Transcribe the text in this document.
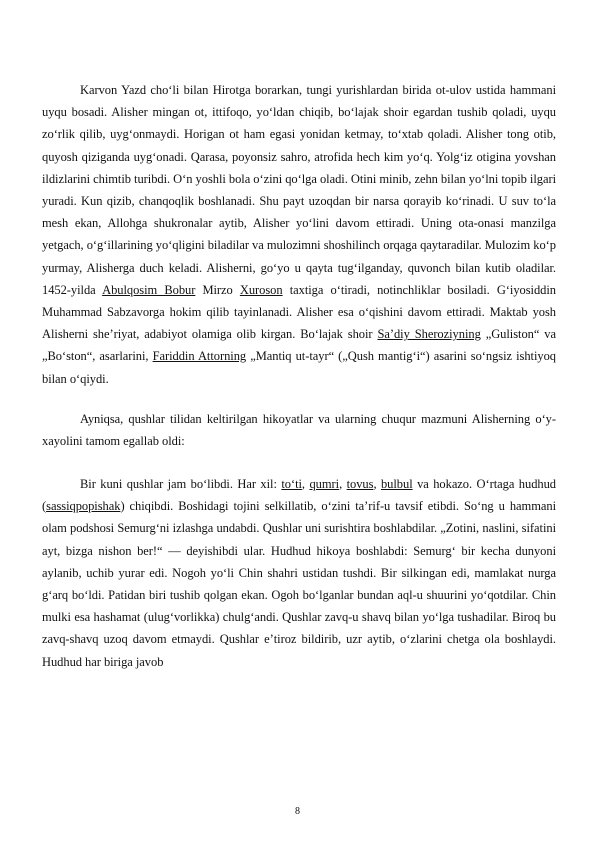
Karvon Yazd choʻli bilan Hirotga borarkan, tungi yurishlardan birida ot-ulov ustida hammani uyqu bosadi. Alisher mingan ot, ittifoqo, yoʻldan chiqib, boʻlajak shoir egardan tushib qoladi, uyqu zoʻrlik qilib, uygʻonmaydi. Horigan ot ham egasi yonidan ketmay, toʻxtab qoladi. Alisher tong otib, quyosh qiziganda uygʻonadi. Qarasa, poyonsiz sahro, atrofida hech kim yoʻq. Yolgʻiz otigina yovshan ildizlarini chimtib turibdi. Oʻn yoshli bola oʻzini qoʻlga oladi. Otini minib, zehn bilan yoʻlni topib ilgari yuradi. Kun qizib, chanqoqlik boshlanadi. Shu payt uzoqdan bir narsa qorayib koʻrinadi. U suv toʻla mesh ekan, Allohga shukronalar aytib, Alisher yoʻlini davom ettiradi. Uning ota-onasi manzilga yetgach, oʻgʻillarining yoʻqligini biladilar va mulozimni shoshilinch orqaga qaytaradilar. Mulozim koʻp yurmay, Alisherga duch keladi. Alisherni, goʻyo u qayta tugʻilganday, quvonch bilan kutib oladilar. 1452-yilda Abulqosim Bobur Mirzo Xuroson taxtiga oʻtiradi, notinchliklar bosiladi. Gʻiyosiddin Muhammad Sabzavorga hokim qilib tayinlanadi. Alisher esa oʻqishini davom ettiradi. Maktab yosh Alisherni sheʼriyat, adabiyot olamiga olib kirgan. Boʻlajak shoir Saʼdiy Sheroziyning „Guliston“ va „Boʻston“, asarlarini, Fariddin Attorning „Mantiq ut-tayr“ („Qush mantigʻi“) asarini soʻngsiz ishtiyoq bilan oʻqiydi.

Ayniqsa, qushlar tilidan keltirilgan hikoyatlar va ularning chuqur mazmuni Alisherning oʻy-xayolini tamom egallab oldi:

Bir kuni qushlar jam boʻlibdi. Har xil: toʻti, qumri, tovus, bulbul va hokazo. Oʻrtaga hudhud (sassiqpopishak) chiqibdi. Boshidagi tojini selkillatib, oʻzini taʼrif-u tavsif etibdi. Soʻng u hammani olam podshosi Semurgʻni izlashga undabdi. Qushlar uni surishtira boshlabdilar. „Zotini, naslini, sifatini ayt, bizga nishon ber!“ — deyishibdi ular. Hudhud hikoya boshlabdi: Semurgʻ bir kecha dunyoni aylanib, uchib yurar edi. Nogoh yoʻli Chin shahri ustidan tushdi. Bir silkingan edi, mamlakat nurga gʻarq boʻldi. Patidan biri tushib qolgan ekan. Ogoh boʻlganlar bundan aql-u shuurini yoʻqotdilar. Chin mulki esa hashamat (ulugʻvorlikka) chulgʻandi. Qushlar zavq-u shavq bilan yoʻlga tushadilar. Biroq bu zavq-shavq uzoq davom etmaydi. Qushlar eʼtiroz bildirib, uzr aytib, oʻzlarini chetga ola boshlaydi. Hudhud har biriga javob

8
